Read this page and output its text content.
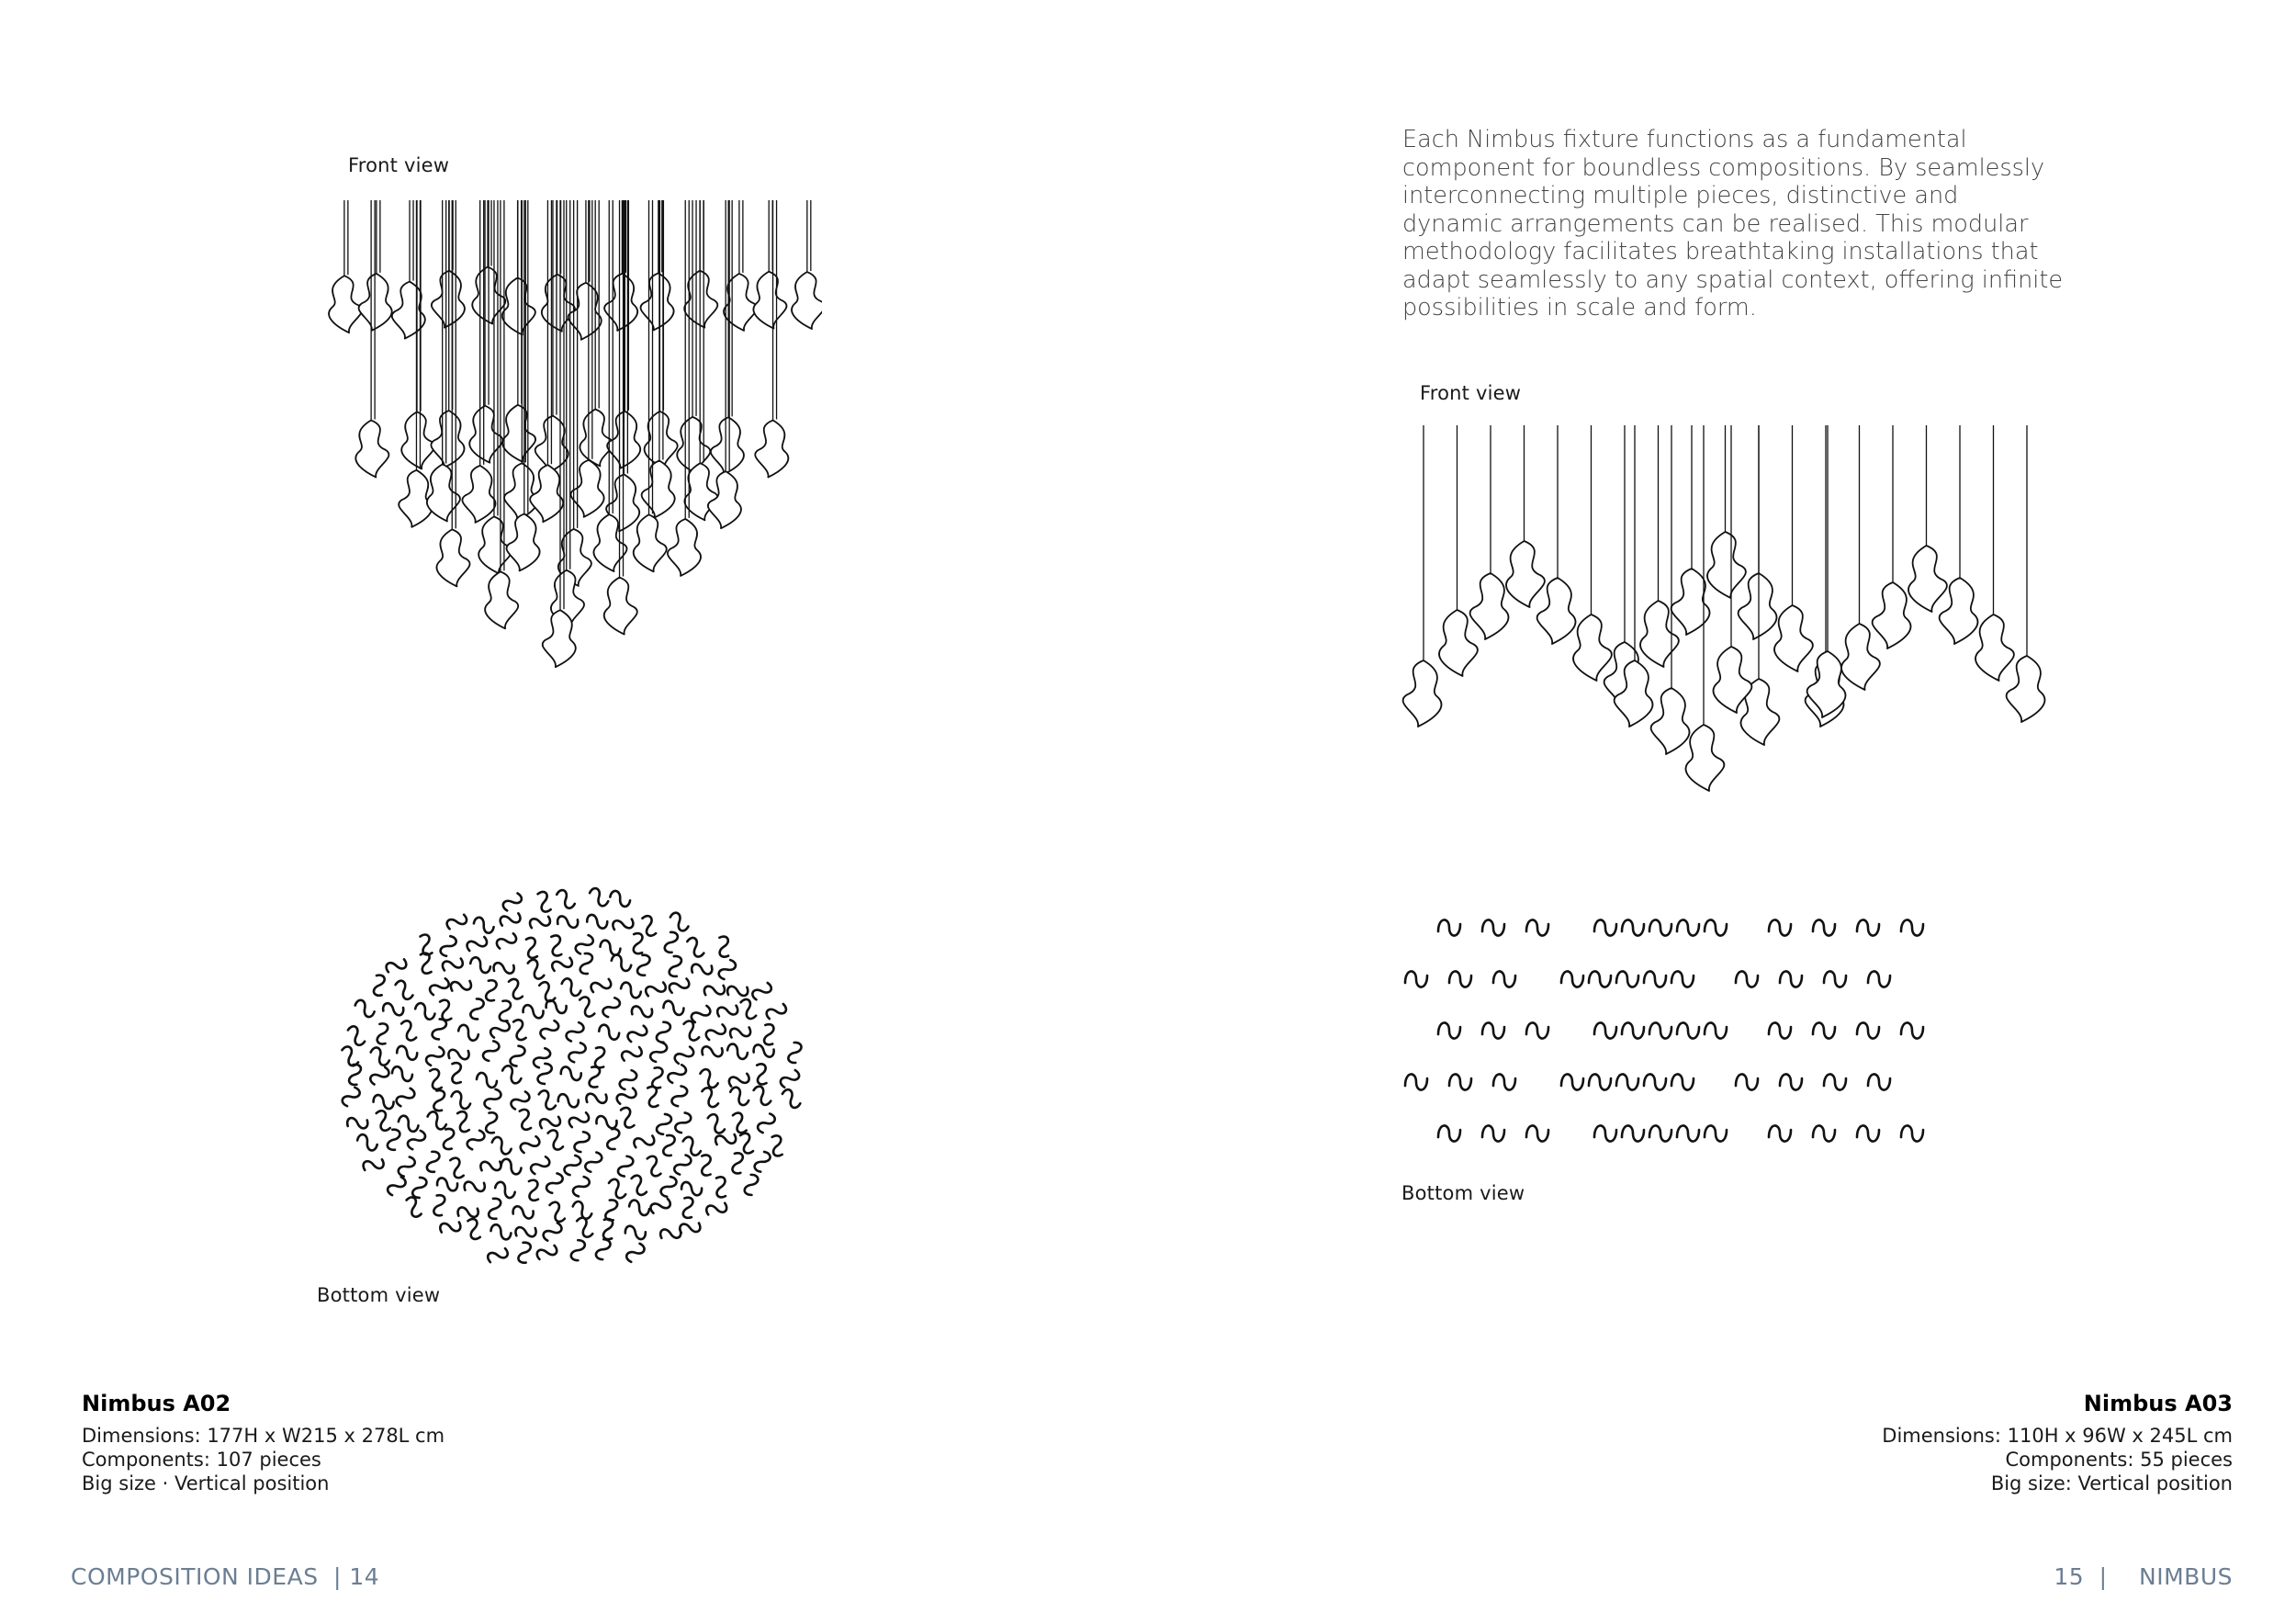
Front view
Bottom view
Nimbus A02
Dimensions: 177H x W215 x 278L cm
Components: 107 pieces
Big size · Vertical position
COMPOSITION IDEAS | 14

Each Nimbus fixture functions as a fundamental component for boundless compositions. By seamlessly interconnecting multiple pieces, distinctive and dynamic arrangements can be realised. This modular methodology facilitates breathtaking installations that adapt seamlessly to any spatial context, offering infinite possibilities in scale and form.

Front view
Bottom view
Nimbus A03
Dimensions: 110H x 96W x 245L cm
Components: 55 pieces
Big size: Vertical position
15 | NIMBUS
